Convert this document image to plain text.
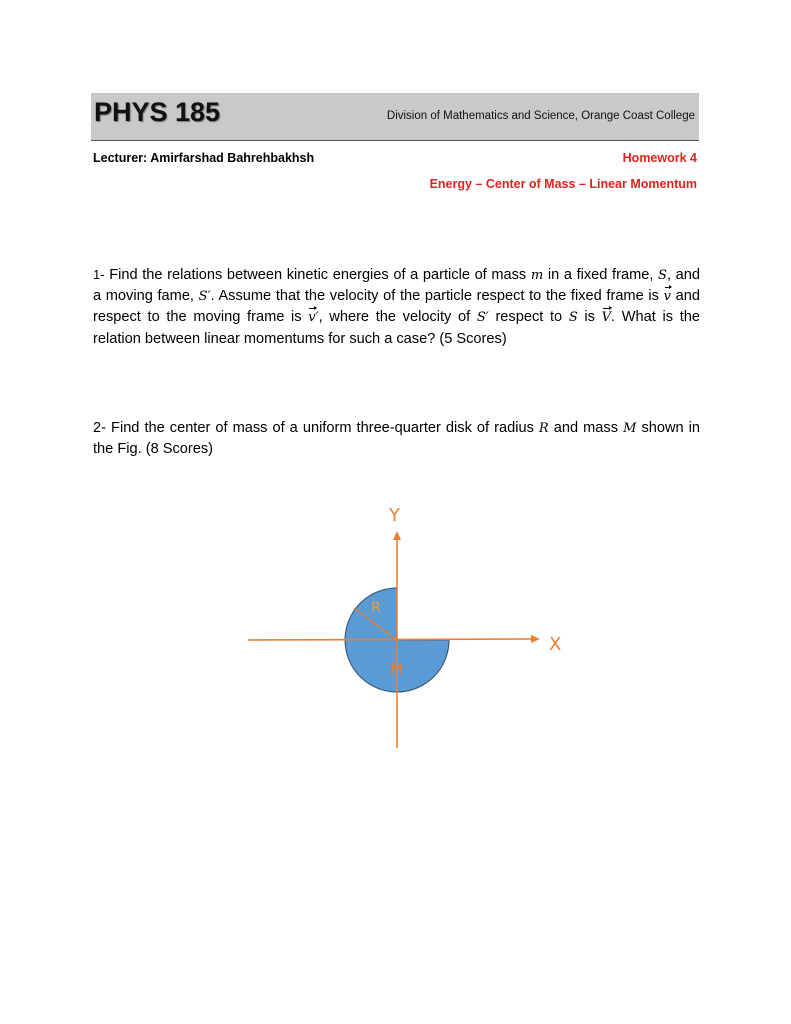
PHYS 185	Division of Mathematics and Science, Orange Coast College
Lecturer: Amirfarshad Bahrehbakhsh	Homework 4
Energy – Center of Mass – Linear Momentum
1- Find the relations between kinetic energies of a particle of mass m in a fixed frame, S, and a moving fame, S′. Assume that the velocity of the particle respect to the fixed frame is v and respect to the moving frame is v′, where the velocity of S′ respect to S is V. What is the relation between linear momentums for such a case? (5 Scores)
2- Find the center of mass of a uniform three-quarter disk of radius R and mass M shown in the Fig. (8 Scores)
Y
X
R
M
